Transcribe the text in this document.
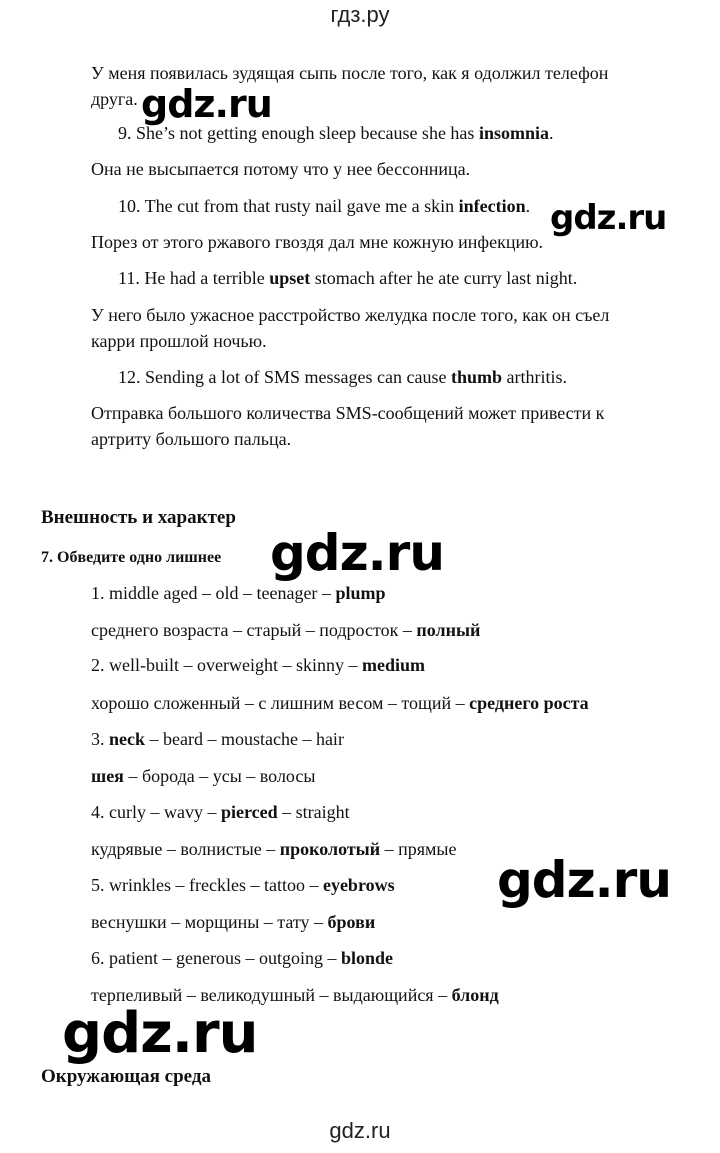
гдз.ру
У меня появилась зудящая сыпь после того, как я одолжил телефон
друга.
9. She’s not getting enough sleep because she has insomnia.
Она не высыпается потому что у нее бессонница.
10. The cut from that rusty nail gave me a skin infection.
Порез от этого ржавого гвоздя дал мне кожную инфекцию.
11. He had a terrible upset stomach after he ate curry last night.
У него было ужасное расстройство желудка после того, как он съел
карри прошлой ночью.
12. Sending a lot of SMS messages can cause thumb arthritis.
Отправка большого количества SMS-сообщений может привести к
артриту большого пальца.
Внешность и характер
7. Обведите одно лишнее
1. middle aged – old – teenager – plump
среднего возраста – старый – подросток – полный
2. well-built – overweight – skinny – medium
хорошо сложенный – с лишним весом – тощий – среднего роста
3. neck – beard – moustache – hair
шея – борода – усы – волосы
4. curly – wavy – pierced – straight
кудрявые – волнистые – проколотый – прямые
5. wrinkles – freckles – tattoo – eyebrows
веснушки – морщины – тату – брови
6. patient – generous – outgoing – blonde
терпеливый – великодушный – выдающийся – блонд
Окружающая среда
gdz.ru
gdz.ru
gdz.ru
gdz.ru
gdz.ru
gdz.ru
